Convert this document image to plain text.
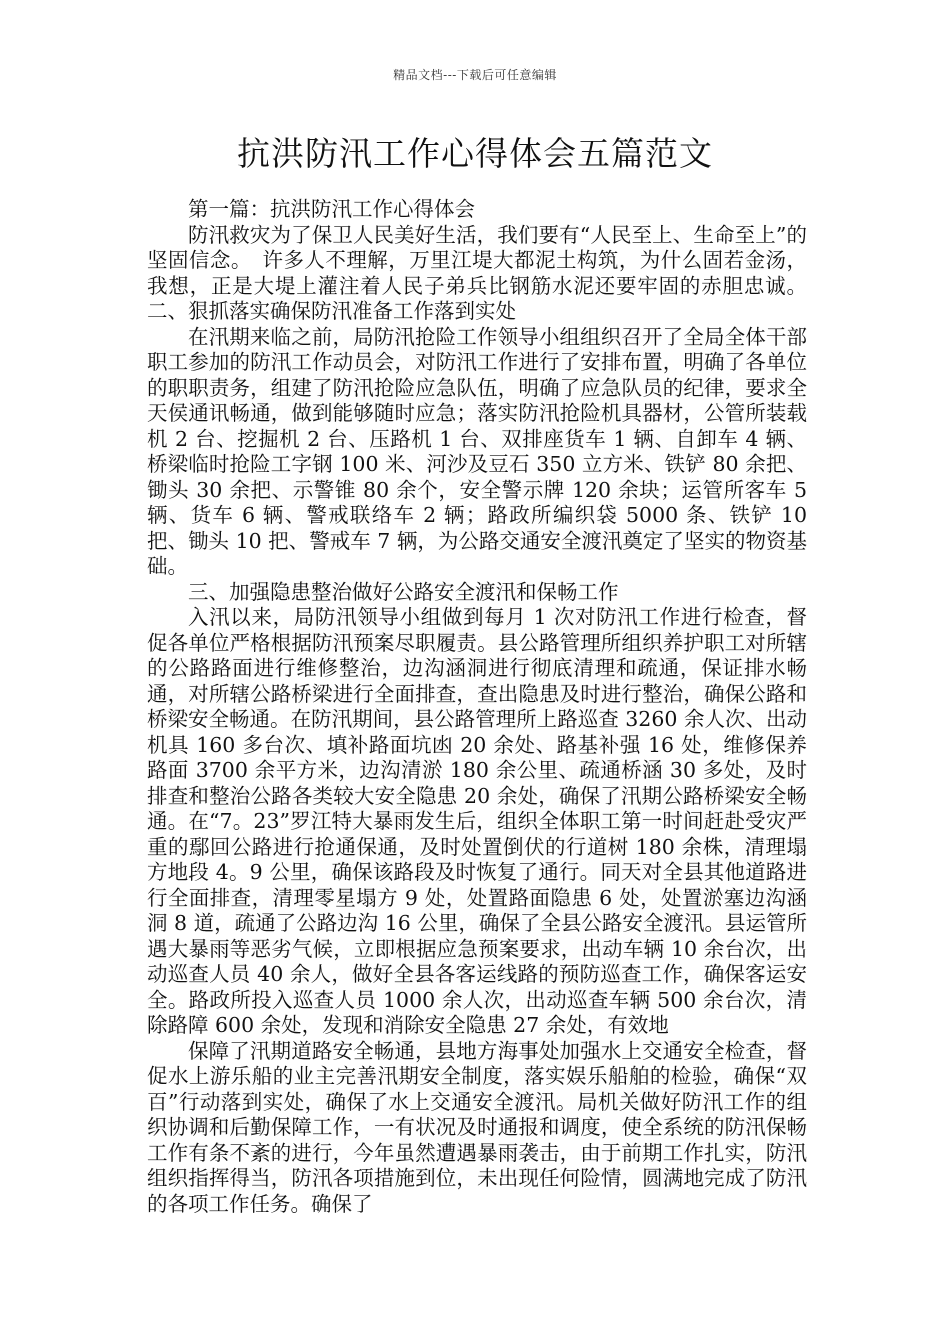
精品文档---下载后可任意编辑
抗洪防汛工作心得体会五篇范文

第一篇：抗洪防汛工作心得体会

防汛救灾为了保卫人民美好生活，我们要有“人民至上、生命至上”的坚固信念。　许多人不理解，万里江堤大都泥土构筑，为什么固若金汤，我想，正是大堤上灌注着人民子弟兵比钢筋水泥还要牢固的赤胆忠诚。二、狠抓落实确保防汛准备工作落到实处

在汛期来临之前，局防汛抢险工作领导小组组织召开了全局全体干部职工参加的防汛工作动员会，对防汛工作进行了安排布置，明确了各单位的职职责务，组建了防汛抢险应急队伍，明确了应急队员的纪律，要求全天侯通讯畅通，做到能够随时应急；落实防汛抢险机具器材，公管所装载机 2 台、挖掘机 2 台、压路机 1 台、双排座货车 1 辆、自卸车 4 辆、桥梁临时抢险工字钢 100 米、河沙及豆石 350 立方米、铁铲 80 余把、锄头 30 余把、示警锥 80 余个，安全警示牌 120 余块；运管所客车 5 辆、货车 6 辆、警戒联络车 2 辆；路政所编织袋 5000 条、铁铲 10 把、锄头 10 把、警戒车 7 辆，为公路交通安全渡汛奠定了坚实的物资基础。

三、加强隐患整治做好公路安全渡汛和保畅工作

入汛以来，局防汛领导小组做到每月 1 次对防汛工作进行检查，督促各单位严格根据防汛预案尽职履责。县公路管理所组织养护职工对所辖的公路路面进行维修整治，边沟涵洞进行彻底清理和疏通，保证排水畅通，对所辖公路桥梁进行全面排查，查出隐患及时进行整治，确保公路和桥梁安全畅通。在防汛期间，县公路管理所上路巡查 3260 余人次、出动机具 160 多台次、填补路面坑凼 20 余处、路基补强 16 处，维修保养路面 3700 余平方米，边沟清淤 180 余公里、疏通桥涵 30 多处，及时排查和整治公路各类较大安全隐患 20 余处，确保了汛期公路桥梁安全畅通。在“7。23”罗江特大暴雨发生后，组织全体职工第一时间赶赴受灾严重的鄢回公路进行抢通保通，及时处置倒伏的行道树 180 余株，清理塌方地段 4。9 公里，确保该路段及时恢复了通行。同天对全县其他道路进行全面排查，清理零星塌方 9 处，处置路面隐患 6 处，处置淤塞边沟涵洞 8 道，疏通了公路边沟 16 公里，确保了全县公路安全渡汛。县运管所遇大暴雨等恶劣气候，立即根据应急预案要求，出动车辆 10 余台次，出动巡查人员 40 余人，做好全县各客运线路的预防巡查工作，确保客运安全。路政所投入巡查人员 1000 余人次，出动巡查车辆 500 余台次，清除路障 600 余处，发现和消除安全隐患 27 余处，有效地

保障了汛期道路安全畅通，县地方海事处加强水上交通安全检查，督促水上游乐船的业主完善汛期安全制度，落实娱乐船舶的检验，确保“双百”行动落到实处，确保了水上交通安全渡汛。局机关做好防汛工作的组织协调和后勤保障工作，一有状况及时通报和调度，使全系统的防汛保畅工作有条不紊的进行，今年虽然遭遇暴雨袭击，由于前期工作扎实，防汛组织指挥得当，防汛各项措施到位，未出现任何险情，圆满地完成了防汛的各项工作任务。确保了
